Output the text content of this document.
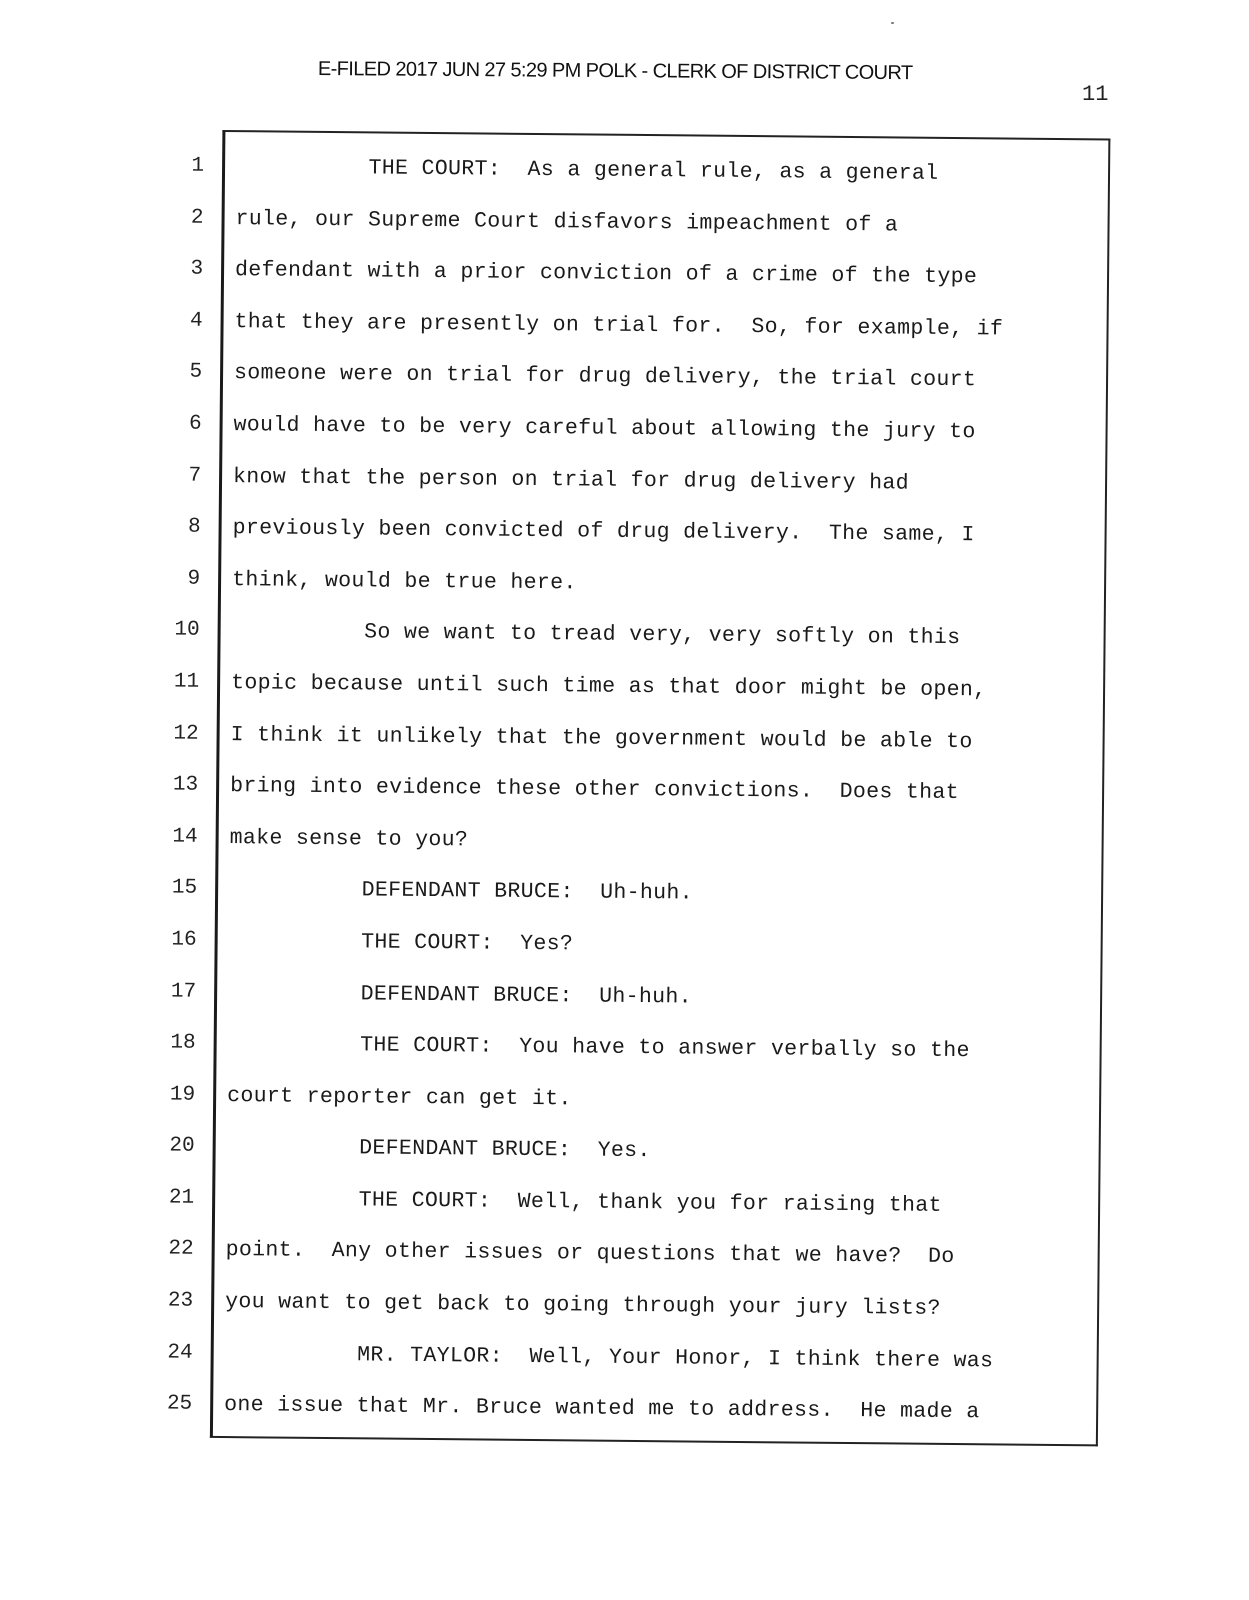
E-FILED 2017 JUN 27 5:29 PM POLK - CLERK OF DISTRICT COURT
11
1
2
3
4
5
6
7
8
9
10
11
12
13
14
15
16
17
18
19
20
21
22
23
24
25
THE COURT:  As a general rule, as a general
rule, our Supreme Court disfavors impeachment of a
defendant with a prior conviction of a crime of the type
that they are presently on trial for.  So, for example, if
someone were on trial for drug delivery, the trial court
would have to be very careful about allowing the jury to
know that the person on trial for drug delivery had
previously been convicted of drug delivery.  The same, I
think, would be true here.
So we want to tread very, very softly on this
topic because until such time as that door might be open,
I think it unlikely that the government would be able to
bring into evidence these other convictions.  Does that
make sense to you?
DEFENDANT BRUCE:  Uh-huh.
THE COURT:  Yes?
DEFENDANT BRUCE:  Uh-huh.
THE COURT:  You have to answer verbally so the
court reporter can get it.
DEFENDANT BRUCE:  Yes.
THE COURT:  Well, thank you for raising that
point.  Any other issues or questions that we have?  Do
you want to get back to going through your jury lists?
MR. TAYLOR:  Well, Your Honor, I think there was
one issue that Mr. Bruce wanted me to address.  He made a
